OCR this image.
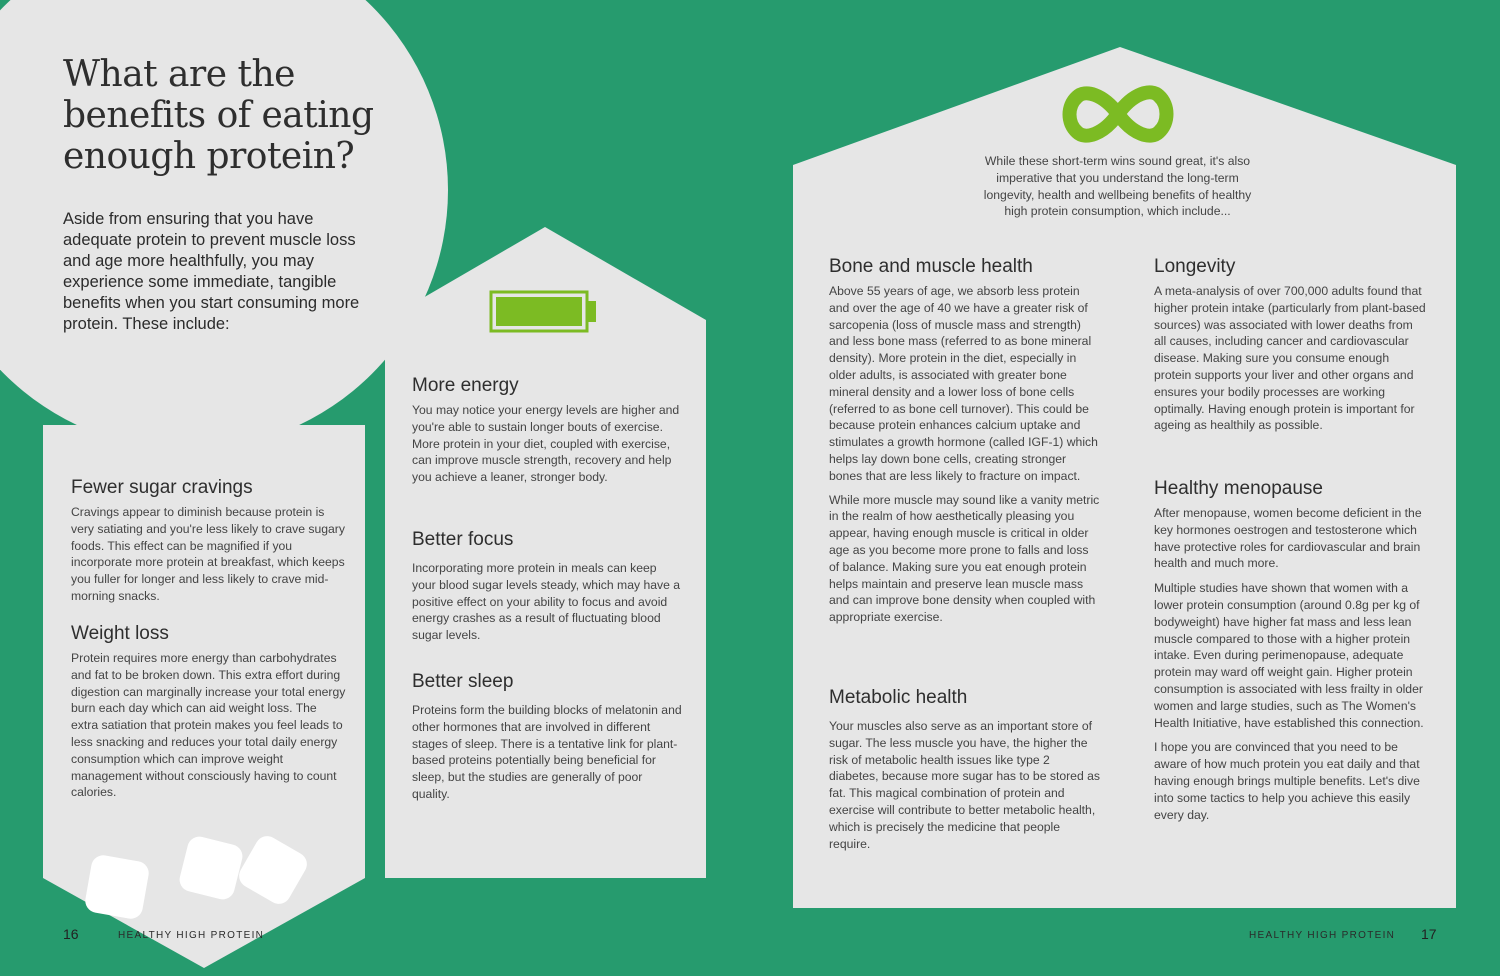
What are the benefits of eating enough protein?

Aside from ensuring that you have adequate protein to prevent muscle loss and age more healthfully, you may experience some immediate, tangible benefits when you start consuming more protein. These include:

Fewer sugar cravings

Cravings appear to diminish because protein is very satiating and you're less likely to crave sugary foods. This effect can be magnified if you incorporate more protein at breakfast, which keeps you fuller for longer and less likely to crave mid-morning snacks.

Weight loss

Protein requires more energy than carbohydrates and fat to be broken down. This extra effort during digestion can marginally increase your total energy burn each day which can aid weight loss. The extra satiation that protein makes you feel leads to less snacking and reduces your total daily energy consumption which can improve weight management without consciously having to count calories.

More energy

You may notice your energy levels are higher and you're able to sustain longer bouts of exercise. More protein in your diet, coupled with exercise, can improve muscle strength, recovery and help you achieve a leaner, stronger body.

Better focus

Incorporating more protein in meals can keep your blood sugar levels steady, which may have a positive effect on your ability to focus and avoid energy crashes as a result of fluctuating blood sugar levels.

Better sleep

Proteins form the building blocks of melatonin and other hormones that are involved in different stages of sleep. There is a tentative link for plant-based proteins potentially being beneficial for sleep, but the studies are generally of poor quality.

While these short-term wins sound great, it's also imperative that you understand the long-term longevity, health and wellbeing benefits of healthy high protein consumption, which include...

Bone and muscle health

Above 55 years of age, we absorb less protein and over the age of 40 we have a greater risk of sarcopenia (loss of muscle mass and strength) and less bone mass (referred to as bone mineral density). More protein in the diet, especially in older adults, is associated with greater bone mineral density and a lower loss of bone cells (referred to as bone cell turnover). This could be because protein enhances calcium uptake and stimulates a growth hormone (called IGF-1) which helps lay down bone cells, creating stronger bones that are less likely to fracture on impact.

While more muscle may sound like a vanity metric in the realm of how aesthetically pleasing you appear, having enough muscle is critical in older age as you become more prone to falls and loss of balance. Making sure you eat enough protein helps maintain and preserve lean muscle mass and can improve bone density when coupled with appropriate exercise.

Metabolic health

Your muscles also serve as an important store of sugar. The less muscle you have, the higher the risk of metabolic health issues like type 2 diabetes, because more sugar has to be stored as fat. This magical combination of protein and exercise will contribute to better metabolic health, which is precisely the medicine that people require.

Longevity

A meta-analysis of over 700,000 adults found that higher protein intake (particularly from plant-based sources) was associated with lower deaths from all causes, including cancer and cardiovascular disease. Making sure you consume enough protein supports your liver and other organs and ensures your bodily processes are working optimally. Having enough protein is important for ageing as healthily as possible.

Healthy menopause

After menopause, women become deficient in the key hormones oestrogen and testosterone which have protective roles for cardiovascular and brain health and much more.

Multiple studies have shown that women with a lower protein consumption (around 0.8g per kg of bodyweight) have higher fat mass and less lean muscle compared to those with a higher protein intake. Even during perimenopause, adequate protein may ward off weight gain. Higher protein consumption is associated with less frailty in older women and large studies, such as The Women's Health Initiative, have established this connection.

I hope you are convinced that you need to be aware of how much protein you eat daily and that having enough brings multiple benefits. Let's dive into some tactics to help you achieve this easily every day.

16	HEALTHY HIGH PROTEIN	HEALTHY HIGH PROTEIN 17
